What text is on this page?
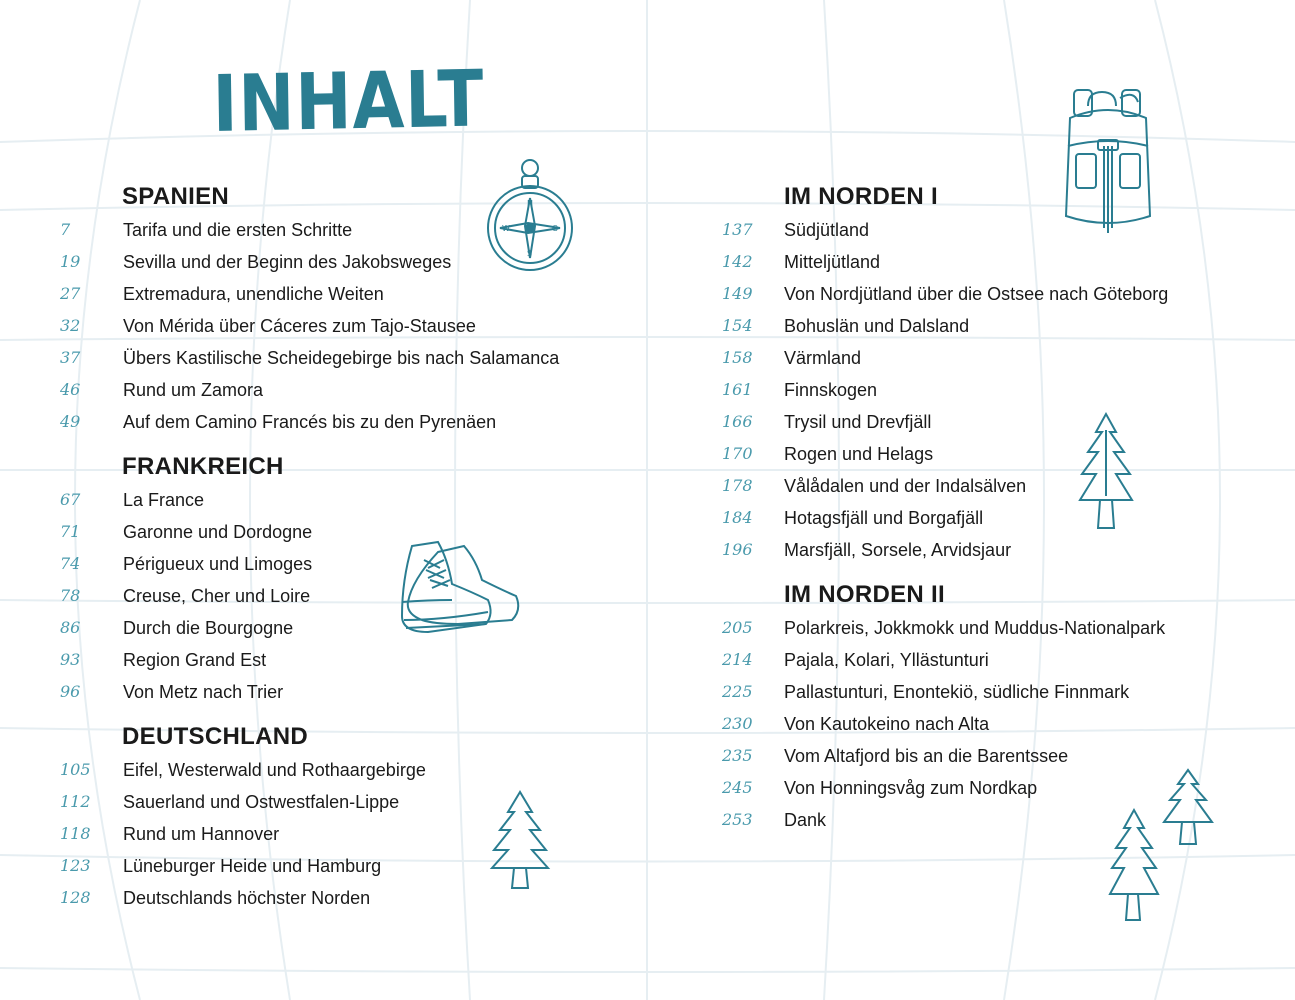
INHALT
N
S
W	O
SPANIEN
7	Tarifa und die ersten Schritte
19 Sevilla und der Beginn des Jakobsweges
27 Extremadura, unendliche Weiten
32 Von Mérida über Cáceres zum Tajo-Stausee
37 Übers Kastilische Scheidegebirge bis nach Salamanca
46 Rund um Zamora
49 Auf dem Camino Francés bis zu den Pyrenäen
FRANKREICH
67 La France
71 Garonne und Dordogne
74 Périgueux und Limoges
78 Creuse, Cher und Loire
86 Durch die Bourgogne
93 Region Grand Est
96 Von Metz nach Trier
DEUTSCHLAND
105 Eifel, Westerwald und Rothaargebirge
112 Sauerland und Ostwestfalen-Lippe
118 Rund um Hannover
123 Lüneburger Heide und Hamburg
128 Deutschlands höchster Norden
IM NORDEN I
137 Südjütland
142 Mitteljütland
149 Von Nordjütland über die Ostsee nach Göteborg
154 Bohuslän und Dalsland
158 Värmland
161 Finnskogen
166 Trysil und Drevfjäll
170 Rogen und Helags
178 Vålådalen und der Indalsälven
184 Hotagsfjäll und Borgafjäll
196 Marsfjäll, Sorsele, Arvidsjaur
IM NORDEN II
205 Polarkreis, Jokkmokk und Muddus-Nationalpark
214 Pajala, Kolari, Yllästunturi
225 Pallastunturi, Enontekiö, südliche Finnmark
230 Von Kautokeino nach Alta
235 Vom Altafjord bis an die Barentssee
245 Von Honningsvåg zum Nordkap
253 Dank
